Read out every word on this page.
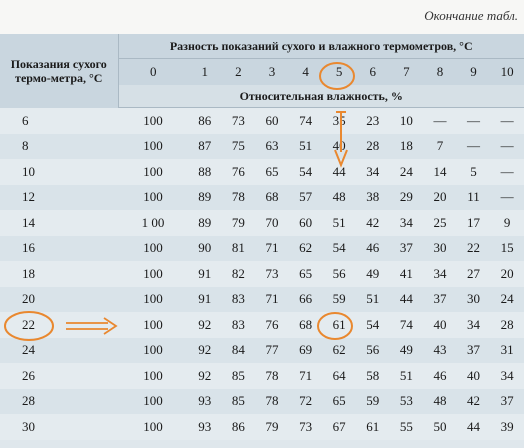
Окончание табл.
Показания сухого термо-метра, °С	Разность показаний сухого и влажного термометров, °С										
	0	1	2	3	4	5	6	7	8	9	10
	Относительная влажность, %										
6	100	86	73	60	74	35	23	10	—	—	—
8	100	87	75	63	51	40	28	18	7	—	—
10	100	88	76	65	54	44	34	24	14	5	—
12	100	89	78	68	57	48	38	29	20	11	—
14	1 00	89	79	70	60	51	42	34	25	17	9
16	100	90	81	71	62	54	46	37	30	22	15
18	100	91	82	73	65	56	49	41	34	27	20
20	100	91	83	71	66	59	51	44	37	30	24
22	100	92	83	76	68	61	54	74	40	34	28
24	100	92	84	77	69	62	56	49	43	37	31
26	100	92	85	78	71	64	58	51	46	40	34
28	100	93	85	78	72	65	59	53	48	42	37
30	100	93	86	79	73	67	61	55	50	44	39
